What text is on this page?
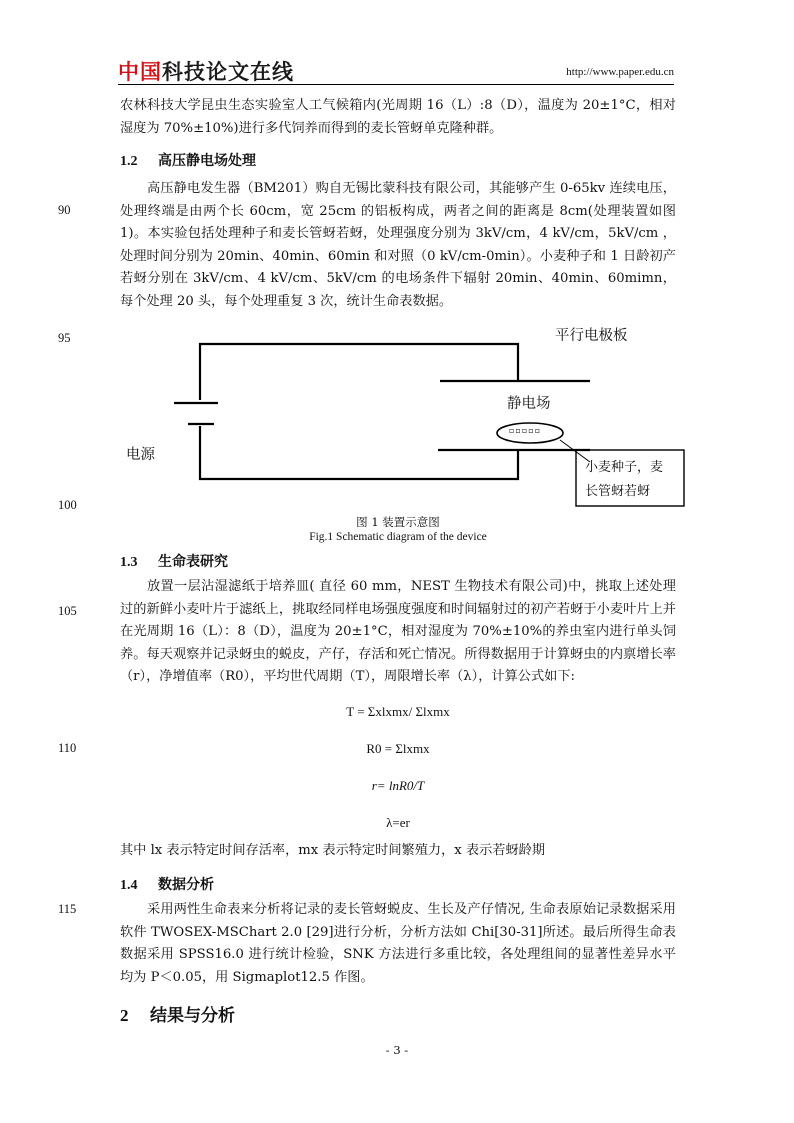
中国科技论文在线	http://www.paper.edu.cn
农林科技大学昆虫生态实验室人工气候箱内(光周期 16（L）:8（D），温度为 20±1°C，相对湿度为 70%±10%)进行多代饲养而得到的麦长管蚜单克隆种群。
1.2 高压静电场处理
高压静电发生器（BM201）购自无锡比蒙科技有限公司，其能够产生 0-65kv 连续电压，处理终端是由两个长 60cm，宽 25cm 的铝板构成，两者之间的距离是 8cm(处理装置如图 1)。本实验包括处理种子和麦长管蚜若蚜，处理强度分别为 3kV/cm，4 kV/cm，5kV/cm ，处理时间分别为 20min、40min、60min 和对照（0 kV/cm-0min）。小麦种子和 1 日龄初产若蚜分别在 3kV/cm、4 kV/cm、5kV/cm 的电场条件下辐射 20min、40min、60mimn，每个处理 20 头，每个处理重复 3 次，统计生命表数据。
90
95
100
105
110
115
▫▫▫▫▫
平行电极板
静电场
电源
小麦种子，麦
长管蚜若蚜
图 1 装置示意图
Fig.1 Schematic diagram of the device
1.3 生命表研究
放置一层沾湿滤纸于培养皿( 直径 60 mm，NEST 生物技术有限公司)中，挑取上述处理过的新鲜小麦叶片于滤纸上，挑取经同样电场强度强度和时间辐射过的初产若蚜于小麦叶片上并在光周期 16（L）：8（D），温度为 20±1°C，相对湿度为 70%±10%的养虫室内进行单头饲养。每天观察并记录蚜虫的蜕皮，产仔，存活和死亡情况。所得数据用于计算蚜虫的内禀增长率（r），净增值率（R0），平均世代周期（T），周限增长率（λ），计算公式如下:
T = Σxlxmx/ Σlxmx
R0 = Σlxmx
r= lnR0/T
λ=er
其中 lx 表示特定时间存活率，mx 表示特定时间繁殖力，x 表示若蚜龄期
1.4 数据分析
采用两性生命表来分析将记录的麦长管蚜蜕皮、生长及产仔情况, 生命表原始记录数据采用软件 TWOSEX-MSChart 2.0 [29]进行分析，分析方法如 Chi[30-31]所述。最后所得生命表数据采用 SPSS16.0 进行统计检验，SNK 方法进行多重比较，各处理组间的显著性差异水平均为 P＜0.05，用 Sigmaplot12.5 作图。
2 结果与分析
- 3 -
